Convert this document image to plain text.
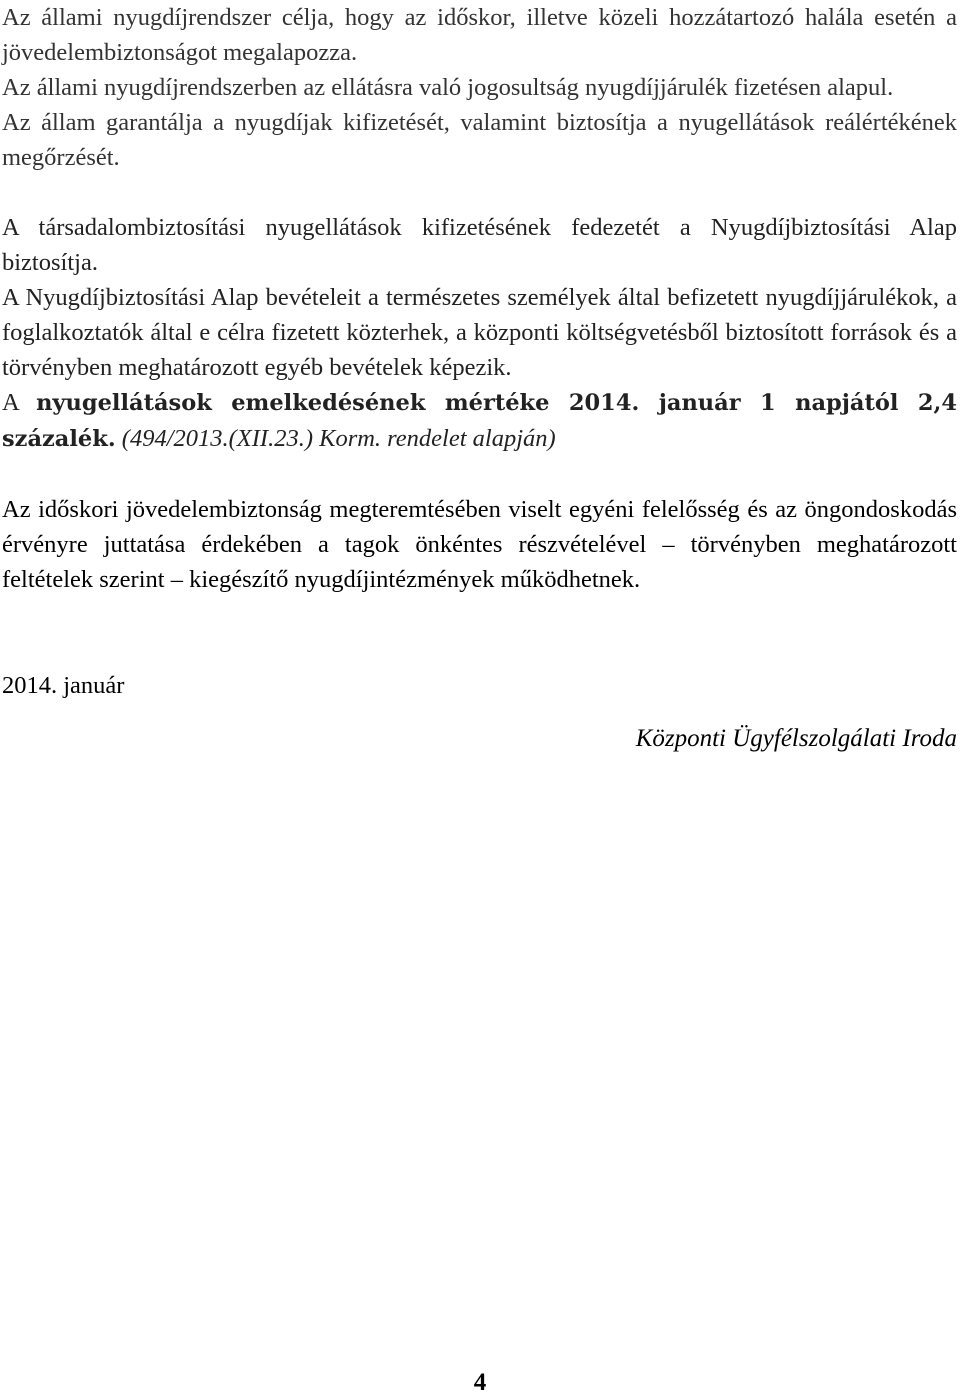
Az állami nyugdíjrendszer célja, hogy az időskor, illetve közeli hozzátartozó halála esetén a jövedelembiztonságot megalapozza.
Az állami nyugdíjrendszerben az ellátásra való jogosultság nyugdíjjárulék fizetésen alapul.
Az állam garantálja a nyugdíjak kifizetését, valamint biztosítja a nyugellátások reálértékének megőrzését.
A társadalombiztosítási nyugellátások kifizetésének fedezetét a Nyugdíjbiztosítási Alap biztosítja.
A Nyugdíjbiztosítási Alap bevételeit a természetes személyek által befizetett nyugdíjjárulékok, a foglalkoztatók által e célra fizetett közterhek, a központi költségvetésből biztosított források és a törvényben meghatározott egyéb bevételek képezik.
A nyugellátások emelkedésének mértéke 2014. január 1 napjától 2,4 százalék. (494/2013.(XII.23.) Korm. rendelet alapján)
Az időskori jövedelembiztonság megteremtésében viselt egyéni felelősség és az öngondoskodás érvényre juttatása érdekében a tagok önkéntes részvételével – törvényben meghatározott feltételek szerint – kiegészítő nyugdíjintézmények működhetnek.

2014. január

Központi Ügyfélszolgálati Iroda

4
